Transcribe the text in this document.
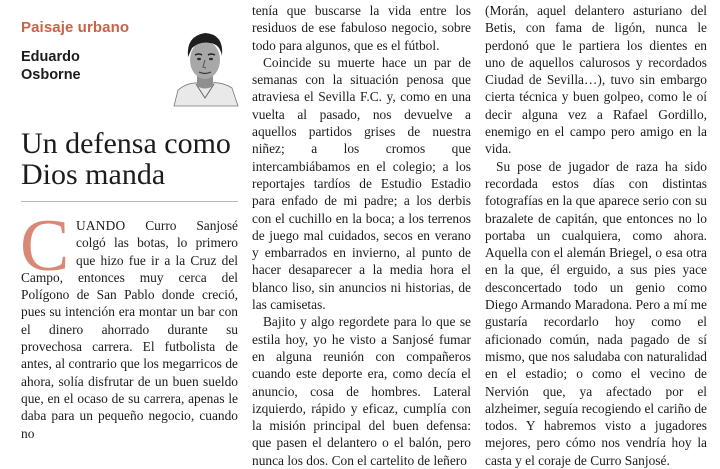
Paisaje urbano
Eduardo
Osborne
Un defensa como Dios manda
C UANDO Curro Sanjosé colgó las botas, lo primero que hizo fue ir a la Cruz del Campo, entonces muy cerca del Polígono de San Pablo donde creció, pues su intención era montar un bar con el dinero ahorrado durante su provechosa carrera. El futbolista de antes, al contrario que los megarricos de ahora, solía disfrutar de un buen sueldo que, en el ocaso de su carrera, apenas le daba para un pequeño negocio, cuando no

tenía que buscarse la vida entre los residuos de ese fabuloso negocio, sobre todo para algunos, que es el fútbol.

Coincide su muerte hace un par de semanas con la situación penosa que atraviesa el Sevilla F.C. y, como en una vuelta al pasado, nos devuelve a aquellos partidos grises de nuestra niñez; a los cromos que intercambiábamos en el colegio; a los reportajes tardíos de Estudio Estadio para enfado de mi padre; a los derbis con el cuchillo en la boca; a los terrenos de juego mal cuidados, secos en verano y embarrados en invierno, al punto de hacer desaparecer a la media hora el blanco liso, sin anuncios ni historias, de las camisetas.

Bajito y algo regordete para lo que se estila hoy, yo he visto a Sanjosé fumar en alguna reunión con compañeros cuando este deporte era, como decía el anuncio, cosa de hombres. Lateral izquierdo, rápido y eficaz, cumplía con la misión principal del buen defensa: que pasen el delantero o el balón, pero nunca los dos. Con el cartelito de leñero

(Morán, aquel delantero asturiano del Betis, con fama de ligón, nunca le perdonó que le partiera los dientes en uno de aquellos calurosos y recordados Ciudad de Sevilla…), tuvo sin embargo cierta técnica y buen golpeo, como le oí decir alguna vez a Rafael Gordillo, enemigo en el campo pero amigo en la vida.

Su pose de jugador de raza ha sido recordada estos días con distintas fotografías en la que aparece serio con su brazalete de capitán, que entonces no lo portaba un cualquiera, como ahora. Aquella con el alemán Briegel, o esa otra en la que, él erguido, a sus pies yace desconcertado todo un genio como Diego Armando Maradona. Pero a mí me gustaría recordarlo hoy como el aficionado común, nada pagado de sí mismo, que nos saludaba con naturalidad en el estadio; o como el vecino de Nervión que, ya afectado por el alzheimer, seguía recogiendo el cariño de todos. Y habremos visto a jugadores mejores, pero cómo nos vendría hoy la casta y el coraje de Curro Sanjosé.
